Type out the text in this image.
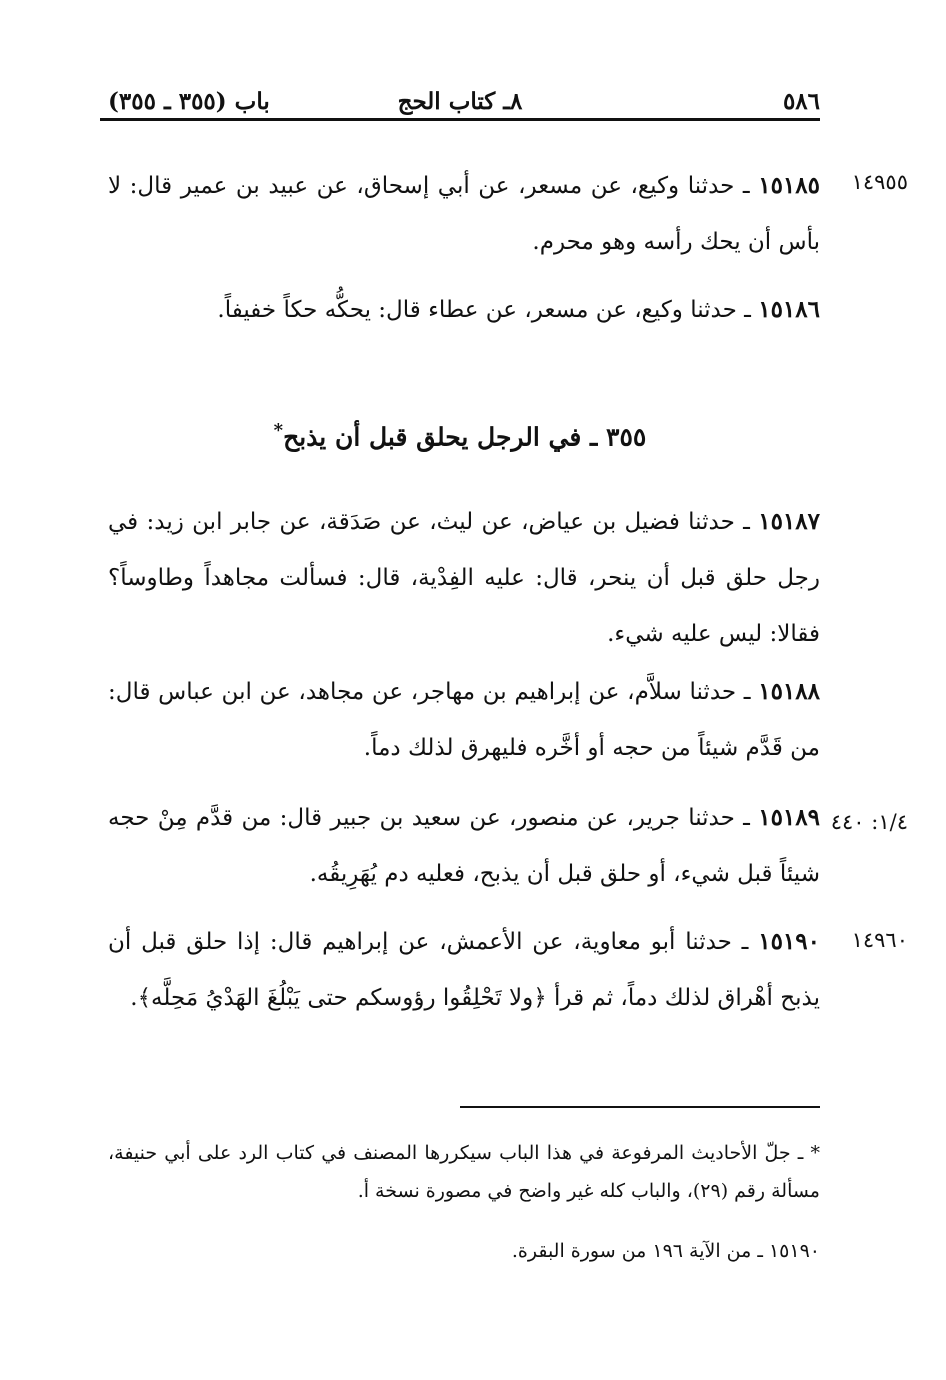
٥٨٦
٨ـ كتاب الحج
باب (٣٥٥ ـ ٣٥٥)
١٤٩٥٥
١٥١٨٥ ـ حدثنا وكيع، عن مسعر، عن أبي إسحاق، عن عبيد بن عمير قال: لا بأس أن يحك رأسه وهو محرم.
١٥١٨٦ ـ حدثنا وكيع، عن مسعر، عن عطاء قال: يحكُّه حكاً خفيفاً.
٣٥٥ ـ في الرجل يحلق قبل أن يذبح*
١٥١٨٧ ـ حدثنا فضيل بن عياض، عن ليث، عن صَدَقة، عن جابر ابن زيد: في رجل حلق قبل أن ينحر، قال: عليه الفِدْية، قال: فسألت مجاهداً وطاوساً؟ فقالا: ليس عليه شيء.
١٥١٨٨ ـ حدثنا سلاَّم، عن إبراهيم بن مهاجر، عن مجاهد، عن ابن عباس قال: من قَدَّم شيئاً من حجه أو أخَّره فليهرق لذلك دماً.
١/٤: ٤٤٠
١٥١٨٩ ـ حدثنا جرير، عن منصور، عن سعيد بن جبير قال: من قدَّم مِنْ حجه شيئاً قبل شيء، أو حلق قبل أن يذبح، فعليه دم يُهَرِيقُه.
١٤٩٦٠
١٥١٩٠ ـ حدثنا أبو معاوية، عن الأعمش، عن إبراهيم قال: إذا حلق قبل أن يذبح أهْراق لذلك دماً، ثم قرأ ﴿ولا تَحْلِقُوا رؤوسكم حتى يَبْلُغَ الهَدْيُ مَحِلَّه﴾.
* ـ جلّ الأحاديث المرفوعة في هذا الباب سيكررها المصنف في كتاب الرد على أبي حنيفة، مسألة رقم (٢٩)، والباب كله غير واضح في مصورة نسخة أ.
١٥١٩٠ ـ من الآية ١٩٦ من سورة البقرة.
